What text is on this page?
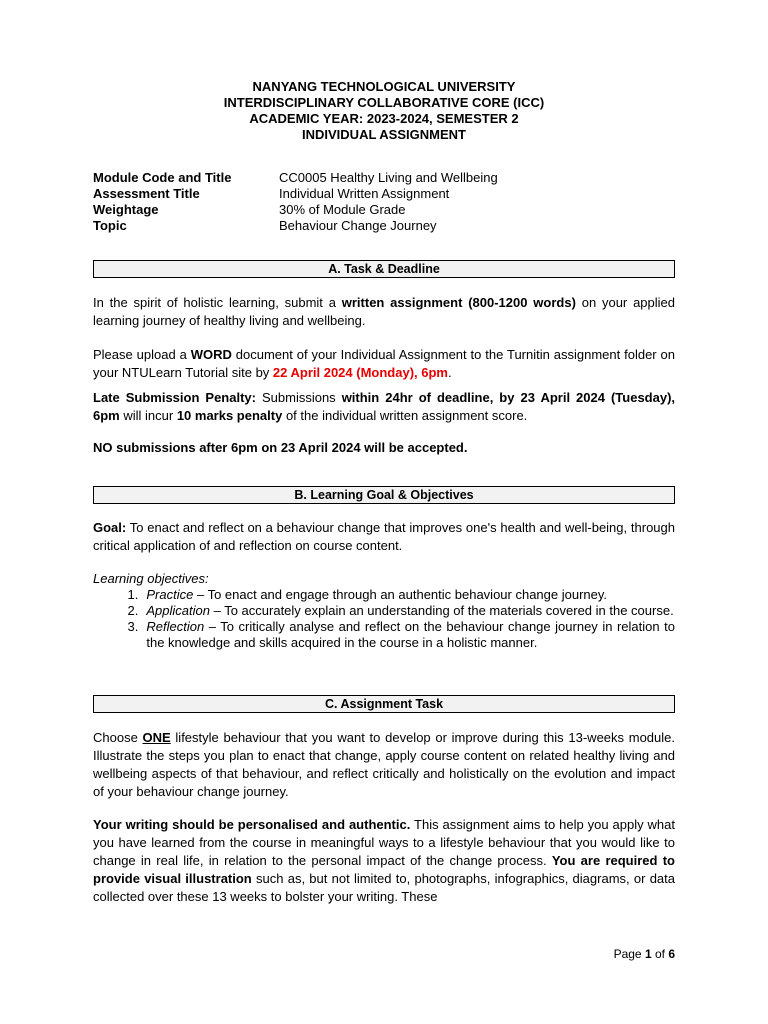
NANYANG TECHNOLOGICAL UNIVERSITY
INTERDISCIPLINARY COLLABORATIVE CORE (ICC)
ACADEMIC YEAR: 2023-2024, SEMESTER 2
INDIVIDUAL ASSIGNMENT
Module Code and Title	CC0005 Healthy Living and Wellbeing
Assessment Title	Individual Written Assignment
Weightage	30% of Module Grade
Topic	Behaviour Change Journey
A. Task & Deadline
In the spirit of holistic learning, submit a written assignment (800-1200 words) on your applied learning journey of healthy living and wellbeing.
Please upload a WORD document of your Individual Assignment to the Turnitin assignment folder on your NTULearn Tutorial site by 22 April 2024 (Monday), 6pm.
Late Submission Penalty: Submissions within 24hr of deadline, by 23 April 2024 (Tuesday), 6pm will incur 10 marks penalty of the individual written assignment score.
NO submissions after 6pm on 23 April 2024 will be accepted.
B. Learning Goal & Objectives
Goal: To enact and reflect on a behaviour change that improves one's health and well-being, through critical application of and reflection on course content.
Learning objectives:
1. Practice – To enact and engage through an authentic behaviour change journey.
2. Application – To accurately explain an understanding of the materials covered in the course.
3. Reflection – To critically analyse and reflect on the behaviour change journey in relation to the knowledge and skills acquired in the course in a holistic manner.
C. Assignment Task
Choose ONE lifestyle behaviour that you want to develop or improve during this 13-weeks module. Illustrate the steps you plan to enact that change, apply course content on related healthy living and wellbeing aspects of that behaviour, and reflect critically and holistically on the evolution and impact of your behaviour change journey.
Your writing should be personalised and authentic. This assignment aims to help you apply what you have learned from the course in meaningful ways to a lifestyle behaviour that you would like to change in real life, in relation to the personal impact of the change process. You are required to provide visual illustration such as, but not limited to, photographs, infographics, diagrams, or data collected over these 13 weeks to bolster your writing. These
Page 1 of 6
